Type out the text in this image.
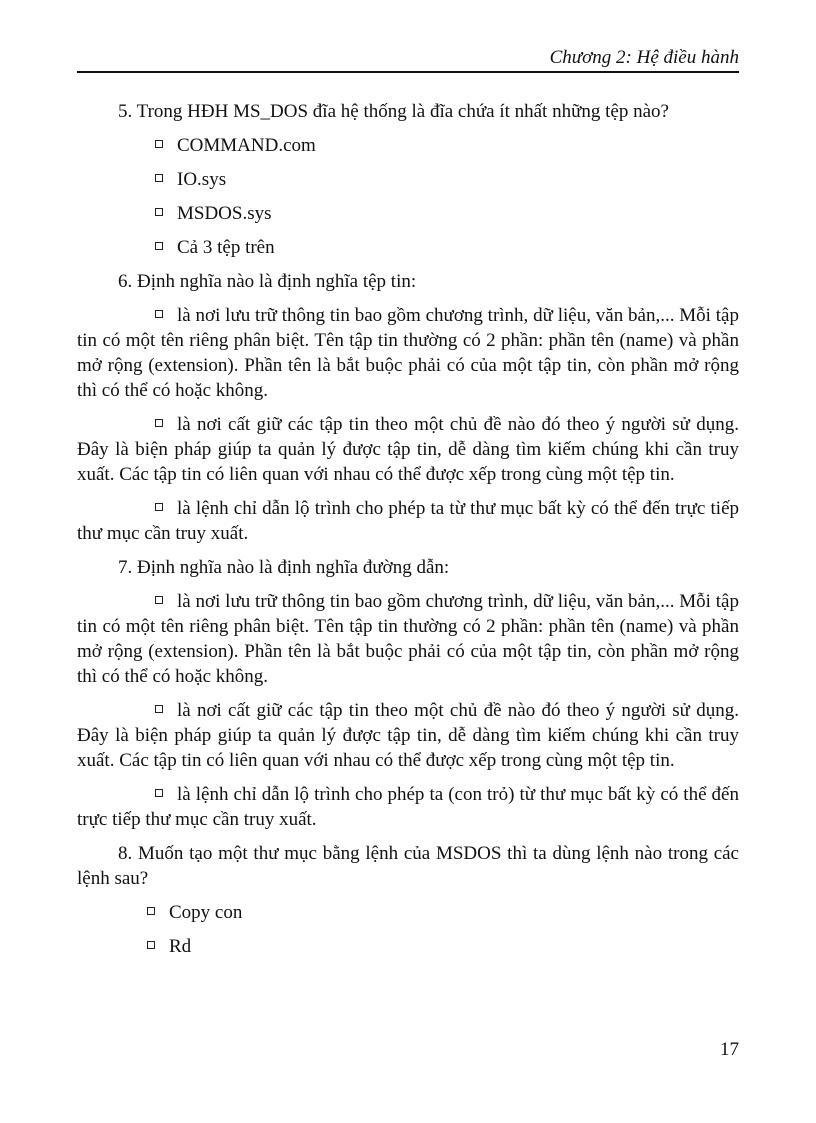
Chương 2: Hệ điều hành

5. Trong HĐH MS_DOS đĩa hệ thống là đĩa chứa ít nhất những tệp nào?

COMMAND.com

IO.sys

MSDOS.sys

Cả 3 tệp trên

6. Định nghĩa nào là định nghĩa tệp tin:

là nơi lưu trữ thông tin bao gồm chương trình, dữ liệu, văn bản,... Mỗi tập tin có một tên riêng phân biệt. Tên tập tin thường có 2 phần: phần tên (name) và phần mở rộng (extension). Phần tên là bắt buộc phải có của một tập tin, còn phần mở rộng thì có thể có hoặc không.

là nơi cất giữ các tập tin theo một chủ đề nào đó theo ý người sử dụng. Đây là biện pháp giúp ta quản lý được tập tin, dễ dàng tìm kiếm chúng khi cần truy xuất. Các tập tin có liên quan với nhau có thể được xếp trong cùng một tệp tin.

là lệnh chỉ dẫn lộ trình cho phép ta từ thư mục bất kỳ có thể đến trực tiếp thư mục cần truy xuất.

7. Định nghĩa nào là định nghĩa đường dẫn:

là nơi lưu trữ thông tin bao gồm chương trình, dữ liệu, văn bản,... Mỗi tập tin có một tên riêng phân biệt. Tên tập tin thường có 2 phần: phần tên (name) và phần mở rộng (extension). Phần tên là bắt buộc phải có của một tập tin, còn phần mở rộng thì có thể có hoặc không.

là nơi cất giữ các tập tin theo một chủ đề nào đó theo ý người sử dụng. Đây là biện pháp giúp ta quản lý được tập tin, dễ dàng tìm kiếm chúng khi cần truy xuất. Các tập tin có liên quan với nhau có thể được xếp trong cùng một tệp tin.

là lệnh chỉ dẫn lộ trình cho phép ta (con trỏ) từ thư mục bất kỳ có thể đến trực tiếp thư mục cần truy xuất.

8. Muốn tạo một thư mục bằng lệnh của MSDOS thì ta dùng lệnh nào trong các lệnh sau?

Copy con

Rd

17
